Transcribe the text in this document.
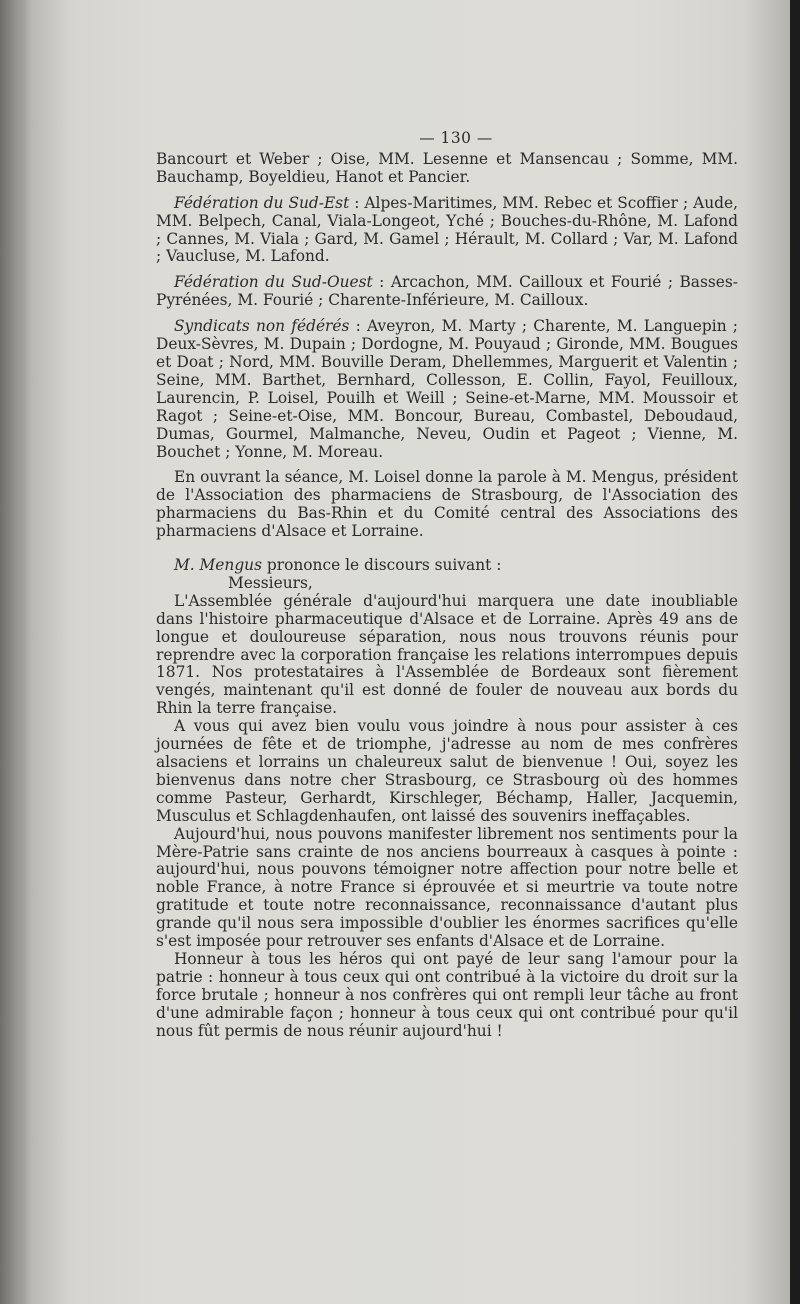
— 130 —

Bancourt et Weber ; Oise, MM. Lesenne et Mansencau ; Somme, MM. Bauchamp, Boyeldieu, Hanot et Pancier.

Fédération du Sud-Est : Alpes-Maritimes, MM. Rebec et Scoffier ; Aude, MM. Belpech, Canal, Viala-Longeot, Yché ; Bouches-du-Rhône, M. Lafond ; Cannes, M. Viala ; Gard, M. Gamel ; Hérault, M. Collard ; Var, M. Lafond ; Vaucluse, M. Lafond.

Fédération du Sud-Ouest : Arcachon, MM. Cailloux et Fourié ; Basses-Pyrénées, M. Fourié ; Charente-Inférieure, M. Cailloux.

Syndicats non fédérés : Aveyron, M. Marty ; Charente, M. Languepin ; Deux-Sèvres, M. Dupain ; Dordogne, M. Pouyaud ; Gironde, MM. Bougues et Doat ; Nord, MM. Bouville Deram, Dhellemmes, Marguerit et Valentin ; Seine, MM. Barthet, Bernhard, Collesson, E. Collin, Fayol, Feuilloux, Laurencin, P. Loisel, Pouilh et Weill ; Seine-et-Marne, MM. Moussoir et Ragot ; Seine-et-Oise, MM. Boncour, Bureau, Combastel, Deboudaud, Dumas, Gourmel, Malmanche, Neveu, Oudin et Pageot ; Vienne, M. Bouchet ; Yonne, M. Moreau.

En ouvrant la séance, M. Loisel donne la parole à M. Mengus, président de l'Association des pharmaciens de Strasbourg, de l'Association des pharmaciens du Bas-Rhin et du Comité central des Associations des pharmaciens d'Alsace et Lorraine.

M. Mengus prononce le discours suivant :

Messieurs,

L'Assemblée générale d'aujourd'hui marquera une date inoubliable dans l'histoire pharmaceutique d'Alsace et de Lorraine. Après 49 ans de longue et douloureuse séparation, nous nous trouvons réunis pour reprendre avec la corporation française les relations interrompues depuis 1871. Nos protestataires à l'Assemblée de Bordeaux sont fièrement vengés, maintenant qu'il est donné de fouler de nouveau aux bords du Rhin la terre française.

A vous qui avez bien voulu vous joindre à nous pour assister à ces journées de fête et de triomphe, j'adresse au nom de mes confrères alsaciens et lorrains un chaleureux salut de bienvenue ! Oui, soyez les bienvenus dans notre cher Strasbourg, ce Strasbourg où des hommes comme Pasteur, Gerhardt, Kirschleger, Béchamp, Haller, Jacquemin, Musculus et Schlagdenhaufen, ont laissé des souvenirs ineffaçables.

Aujourd'hui, nous pouvons manifester librement nos sentiments pour la Mère-Patrie sans crainte de nos anciens bourreaux à casques à pointe : aujourd'hui, nous pouvons témoigner notre affection pour notre belle et noble France, à notre France si éprouvée et si meurtrie va toute notre gratitude et toute notre reconnaissance, reconnaissance d'autant plus grande qu'il nous sera impossible d'oublier les énormes sacrifices qu'elle s'est imposée pour retrouver ses enfants d'Alsace et de Lorraine.

Honneur à tous les héros qui ont payé de leur sang l'amour pour la patrie : honneur à tous ceux qui ont contribué à la victoire du droit sur la force brutale ; honneur à nos confrères qui ont rempli leur tâche au front d'une admirable façon ; honneur à tous ceux qui ont contribué pour qu'il nous fût permis de nous réunir aujourd'hui !
